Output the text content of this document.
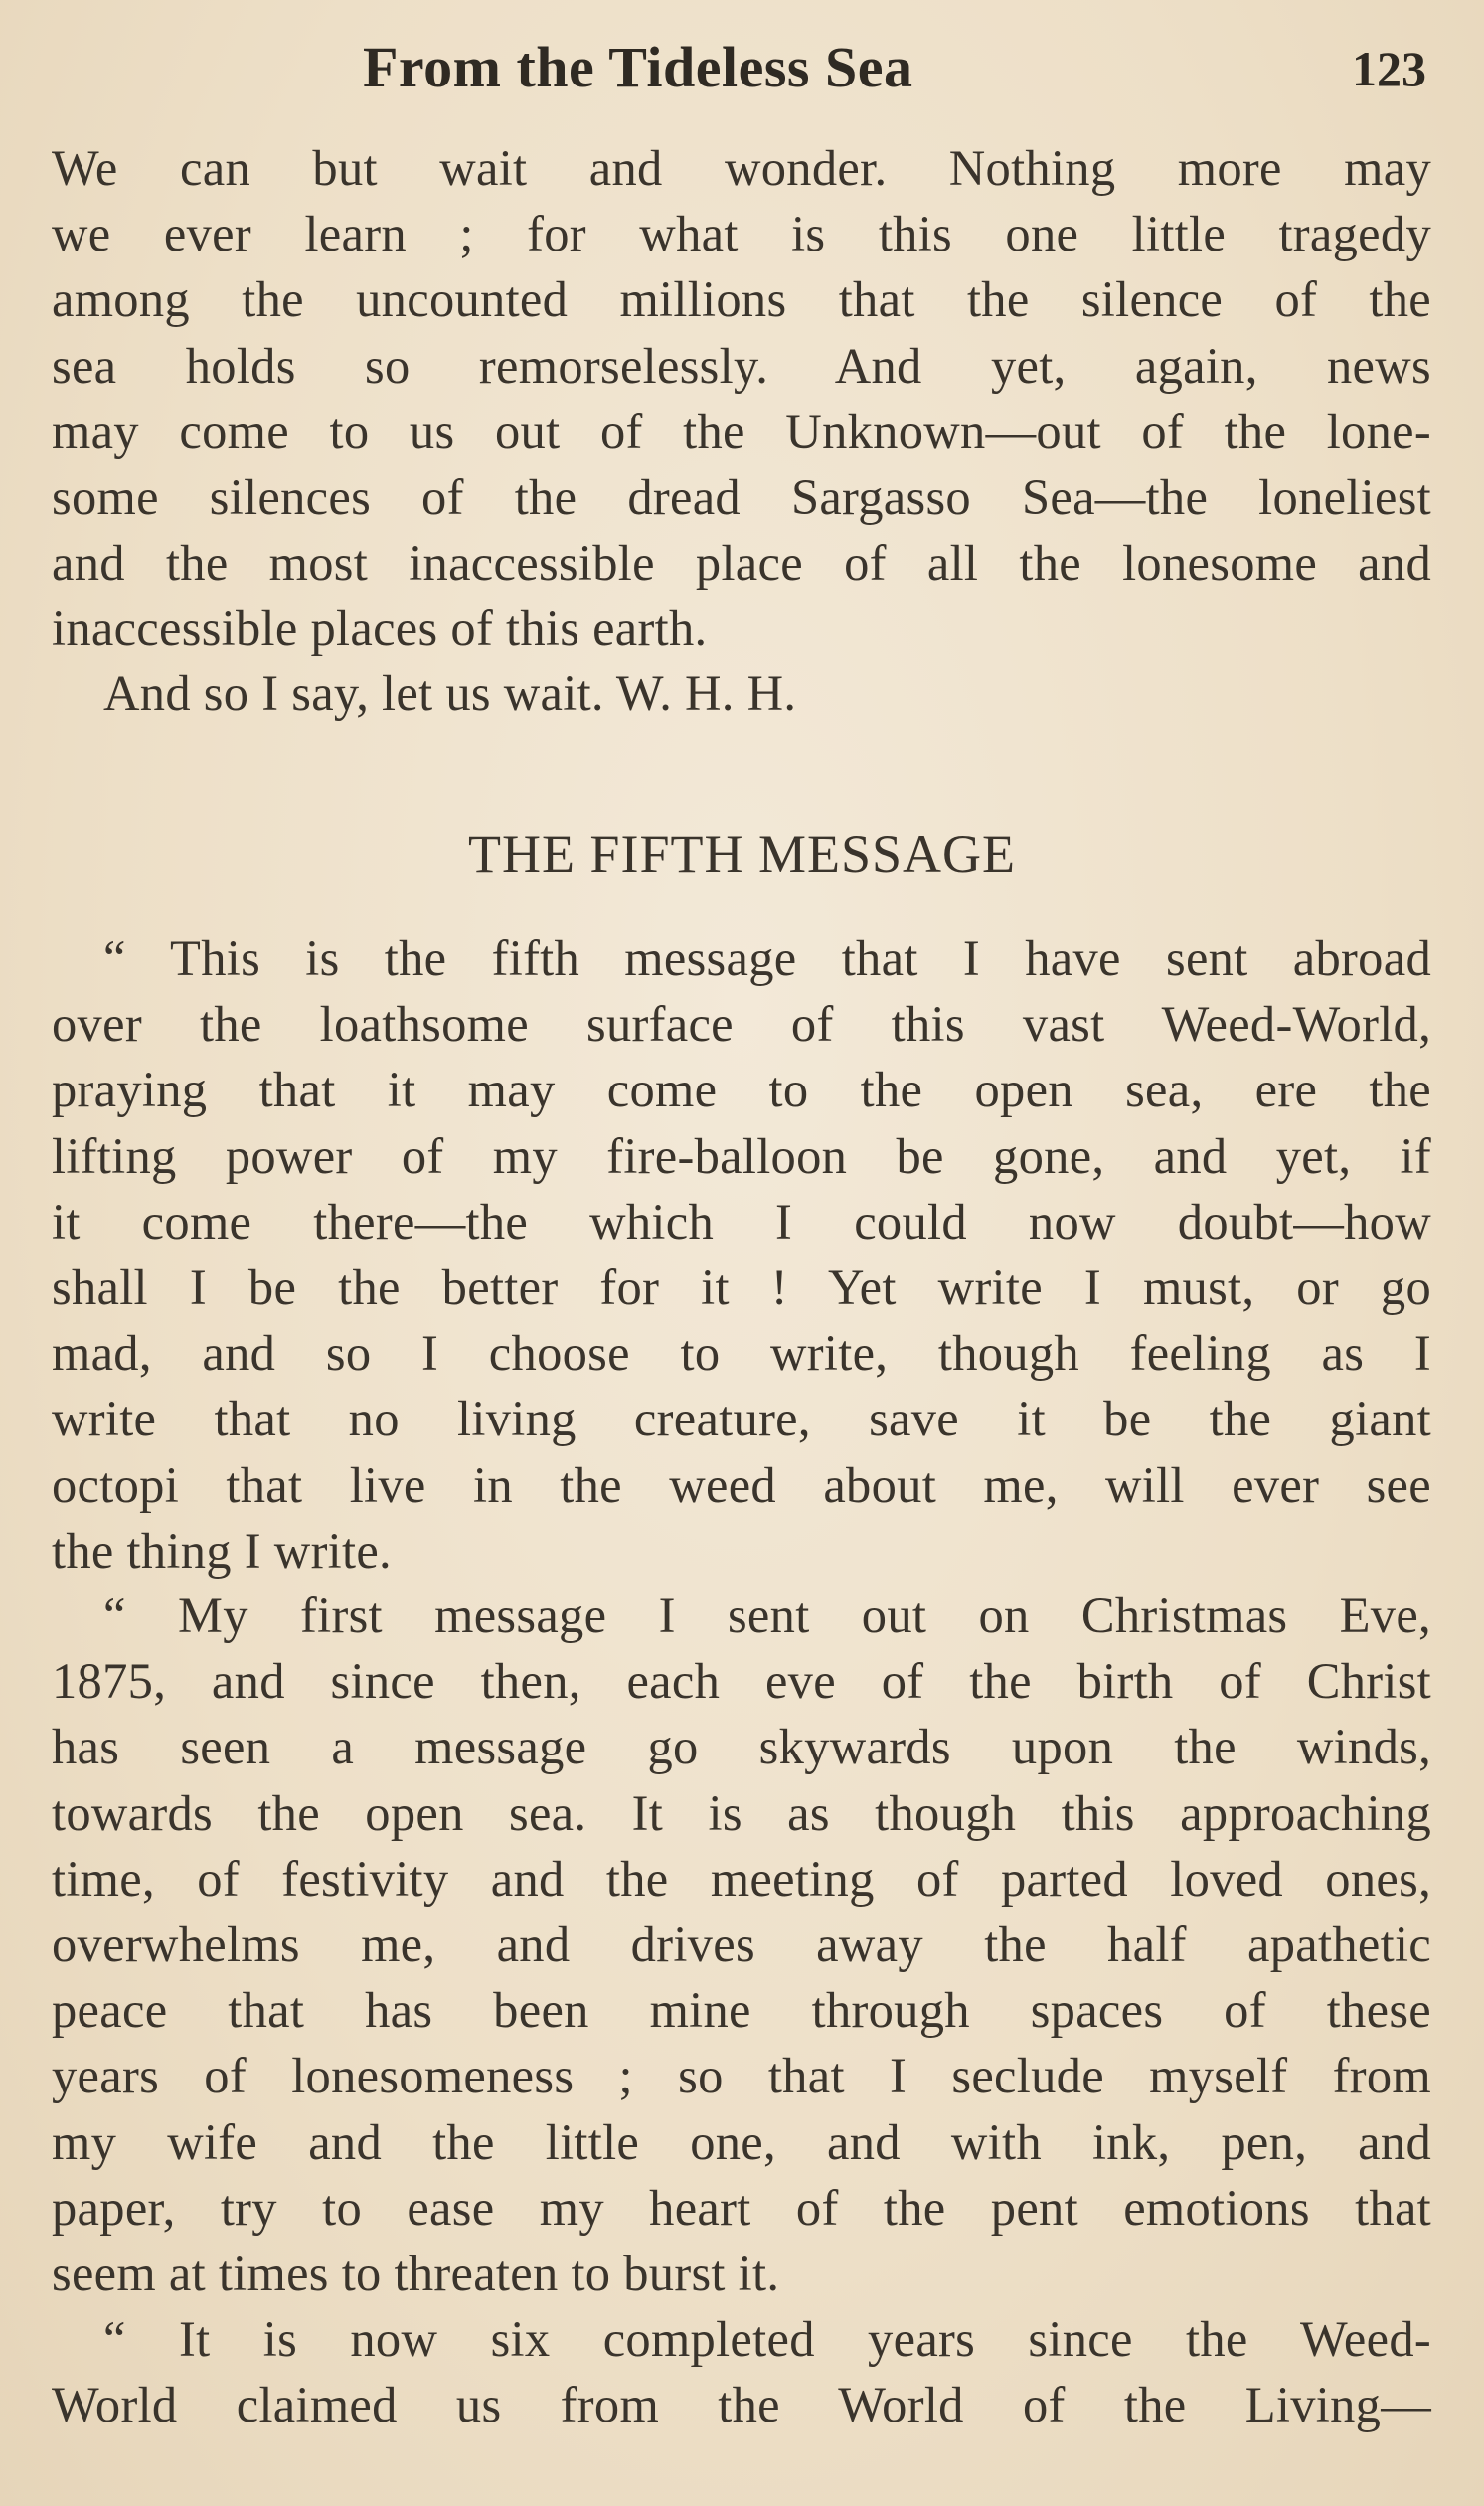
From the Tideless Sea	123
We can but wait and wonder. Nothing more may
we ever learn ; for what is this one little tragedy
among the uncounted millions that the silence of the
sea holds so remorselessly. And yet, again, news
may come to us out of the Unknown—out of the lone-
some silences of the dread Sargasso Sea—the loneliest
and the most inaccessible place of all the lonesome and
inaccessible places of this earth.
And so I say, let us wait. W. H. H.
THE FIFTH MESSAGE
“ This is the fifth message that I have sent abroad
over the loathsome surface of this vast Weed-World,
praying that it may come to the open sea, ere the
lifting power of my fire-balloon be gone, and yet, if
it come there—the which I could now doubt—how
shall I be the better for it ! Yet write I must, or go
mad, and so I choose to write, though feeling as I
write that no living creature, save it be the giant
octopi that live in the weed about me, will ever see
the thing I write.
“ My first message I sent out on Christmas Eve,
1875, and since then, each eve of the birth of Christ
has seen a message go skywards upon the winds,
towards the open sea. It is as though this approaching
time, of festivity and the meeting of parted loved ones,
overwhelms me, and drives away the half apathetic
peace that has been mine through spaces of these
years of lonesomeness ; so that I seclude myself from
my wife and the little one, and with ink, pen, and
paper, try to ease my heart of the pent emotions that
seem at times to threaten to burst it.
“ It is now six completed years since the Weed-
World claimed us from the World of the Living—
